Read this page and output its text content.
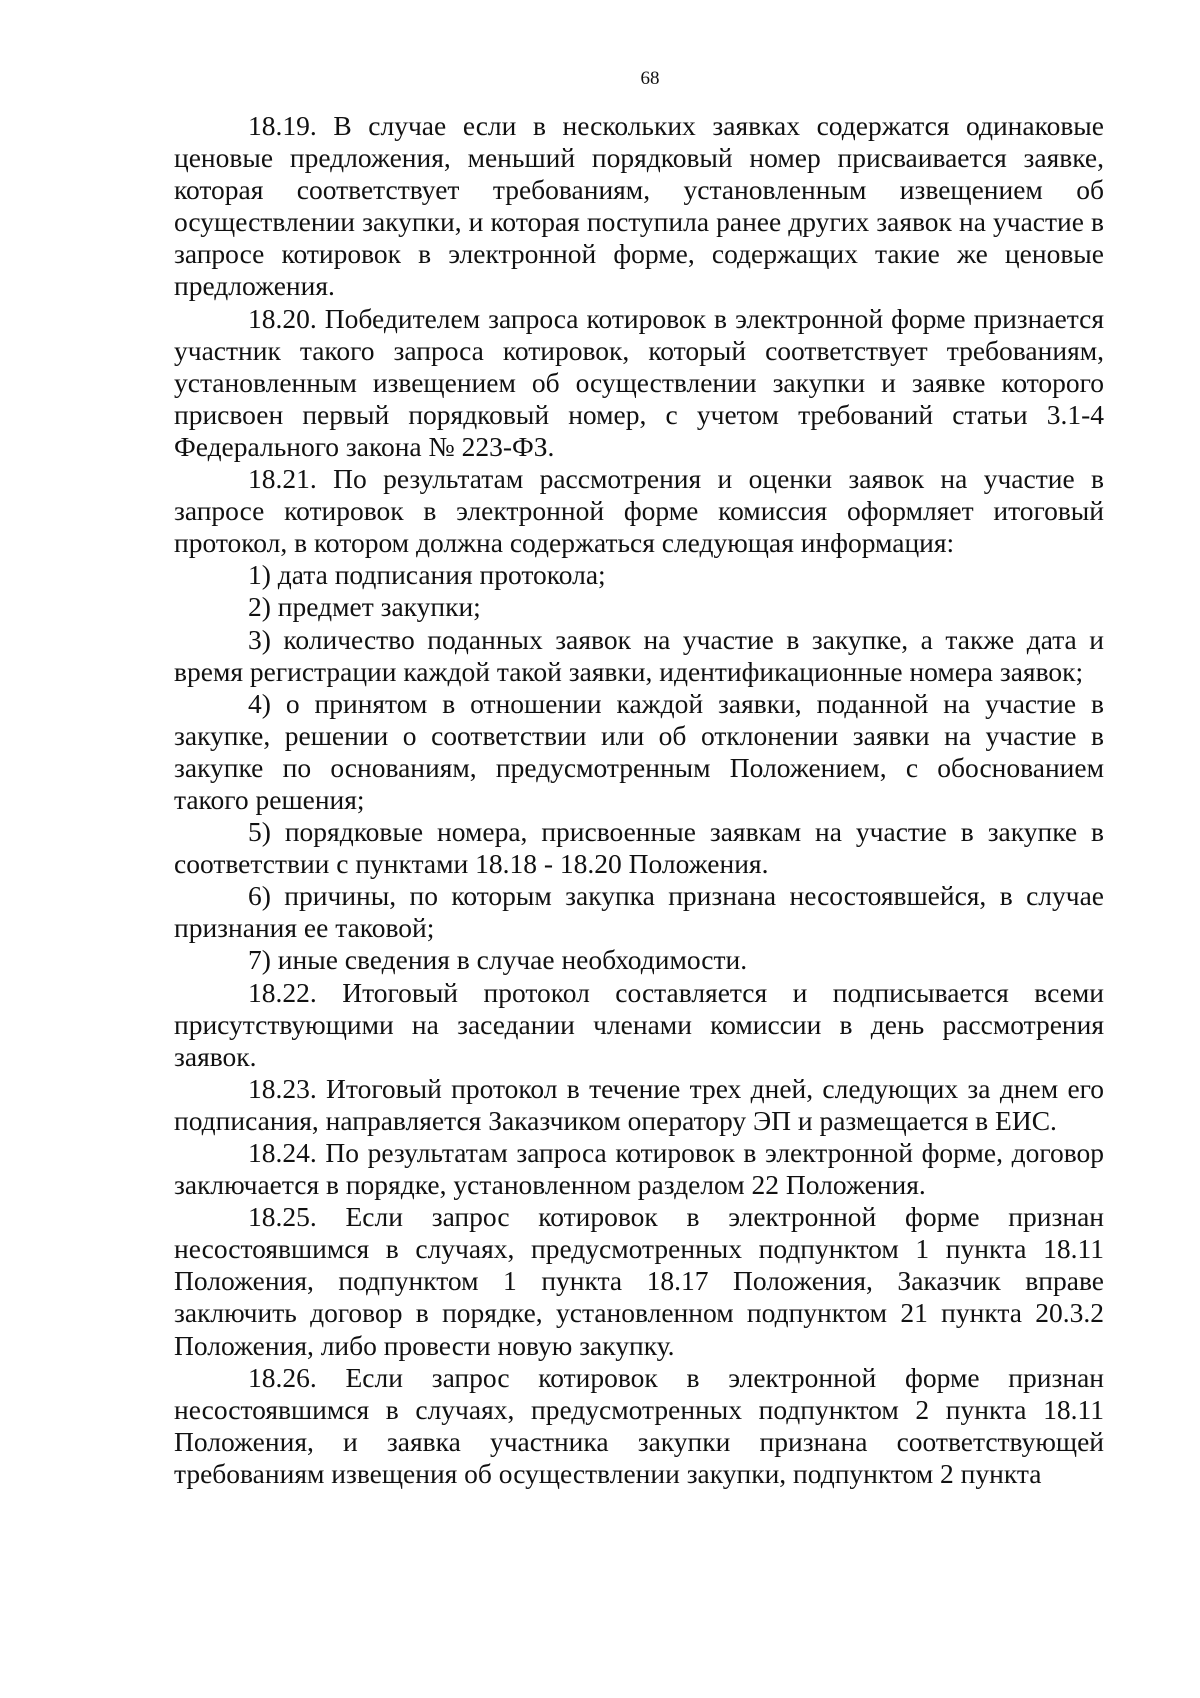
68

18.19. В случае если в нескольких заявках содержатся одинаковые ценовые предложения, меньший порядковый номер присваивается заявке, которая соответствует требованиям, установленным извещением об осуществлении закупки, и которая поступила ранее других заявок на участие в запросе котировок в электронной форме, содержащих такие же ценовые предложения.

18.20. Победителем запроса котировок в электронной форме признается участник такого запроса котировок, который соответствует требованиям, установленным извещением об осуществлении закупки и заявке которого присвоен первый порядковый номер, с учетом требований статьи 3.1-4 Федерального закона № 223-ФЗ.

18.21. По результатам рассмотрения и оценки заявок на участие в запросе котировок в электронной форме комиссия оформляет итоговый протокол, в котором должна содержаться следующая информация:

1) дата подписания протокола;

2) предмет закупки;

3) количество поданных заявок на участие в закупке, а также дата и время регистрации каждой такой заявки, идентификационные номера заявок;

4) о принятом в отношении каждой заявки, поданной на участие в закупке, решении о соответствии или об отклонении заявки на участие в закупке по основаниям, предусмотренным Положением, с обоснованием такого решения;

5) порядковые номера, присвоенные заявкам на участие в закупке в соответствии с пунктами 18.18 - 18.20 Положения.

6) причины, по которым закупка признана несостоявшейся, в случае признания ее таковой;

7) иные сведения в случае необходимости.

18.22. Итоговый протокол составляется и подписывается всеми присутствующими на заседании членами комиссии в день рассмотрения заявок.

18.23. Итоговый протокол в течение трех дней, следующих за днем его подписания, направляется Заказчиком оператору ЭП и размещается в ЕИС.

18.24. По результатам запроса котировок в электронной форме, договор заключается в порядке, установленном разделом 22 Положения.

18.25. Если запрос котировок в электронной форме признан несостоявшимся в случаях, предусмотренных подпунктом 1 пункта 18.11 Положения, подпунктом 1 пункта 18.17 Положения, Заказчик вправе заключить договор в порядке, установленном подпунктом 21 пункта 20.3.2 Положения, либо провести новую закупку.

18.26. Если запрос котировок в электронной форме признан несостоявшимся в случаях, предусмотренных подпунктом 2 пункта 18.11 Положения, и заявка участника закупки признана соответствующей требованиям извещения об осуществлении закупки, подпунктом 2 пункта
